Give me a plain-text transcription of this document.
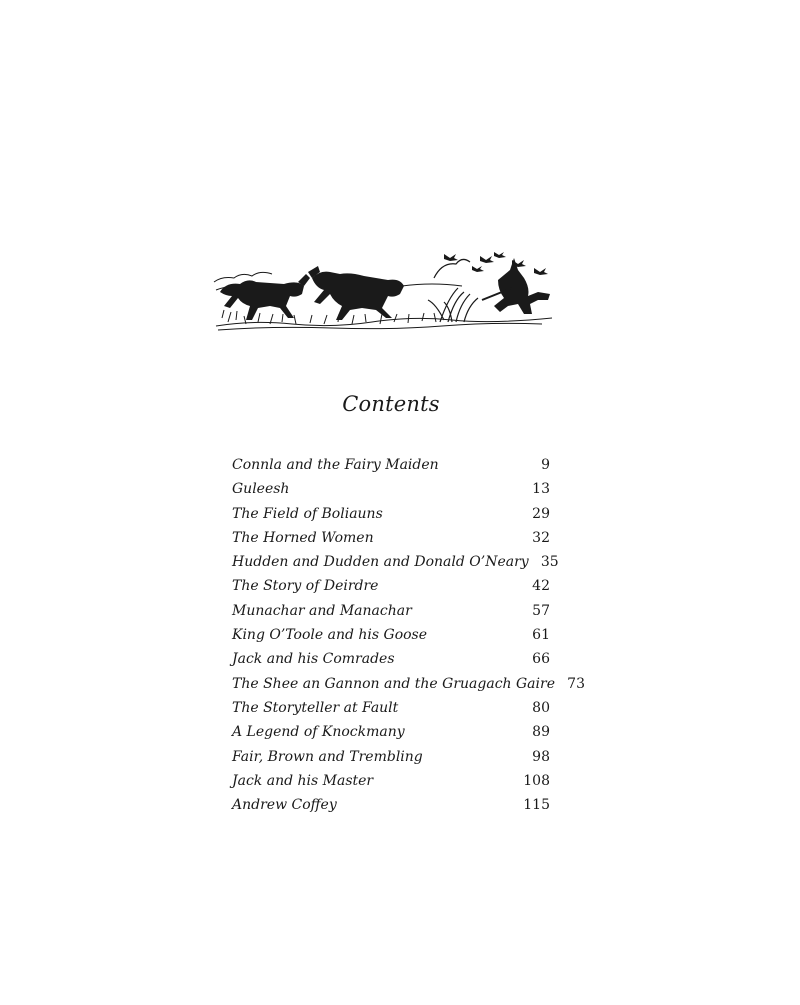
Contents
Connla and the Fairy Maiden	9
Guleesh	13
The Field of Boliauns	29
The Horned Women	32
Hudden and Dudden and Donald O’Neary 35
The Story of Deirdre	42
Munachar and Manachar	57
King O’Toole and his Goose	61
Jack and his Comrades	66
The Shee an Gannon and the Gruagach Gaire 73
The Storyteller at Fault	80
A Legend of Knockmany	89
Fair, Brown and Trembling	98
Jack and his Master	108
Andrew Coffey	115
